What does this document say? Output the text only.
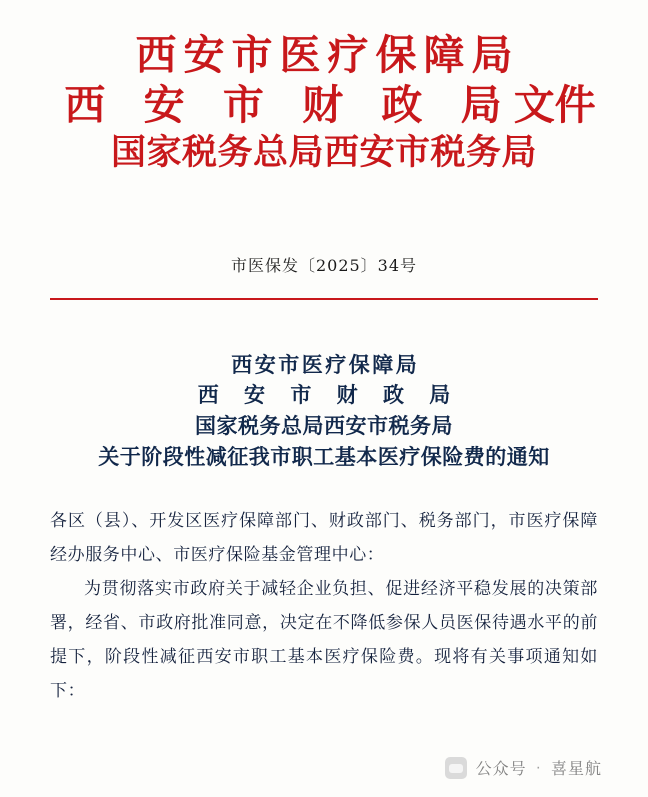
西安市医疗保障局
西 安 市 财 政 局文件
国家税务总局西安市税务局
市医保发〔2025〕34号
西安市医疗保障局
西 安 市 财 政 局
国家税务总局西安市税务局
关于阶段性减征我市职工基本医疗保险费的通知

各区（县）、开发区医疗保障部门、财政部门、税务部门，市医疗保障经办服务中心、市医疗保险基金管理中心：

为贯彻落实市政府关于减轻企业负担、促进经济平稳发展的决策部署，经省、市政府批准同意，决定在不降低参保人员医保待遇水平的前提下，阶段性减征西安市职工基本医疗保险费。现将有关事项通知如下：

公众号 · 喜星航
